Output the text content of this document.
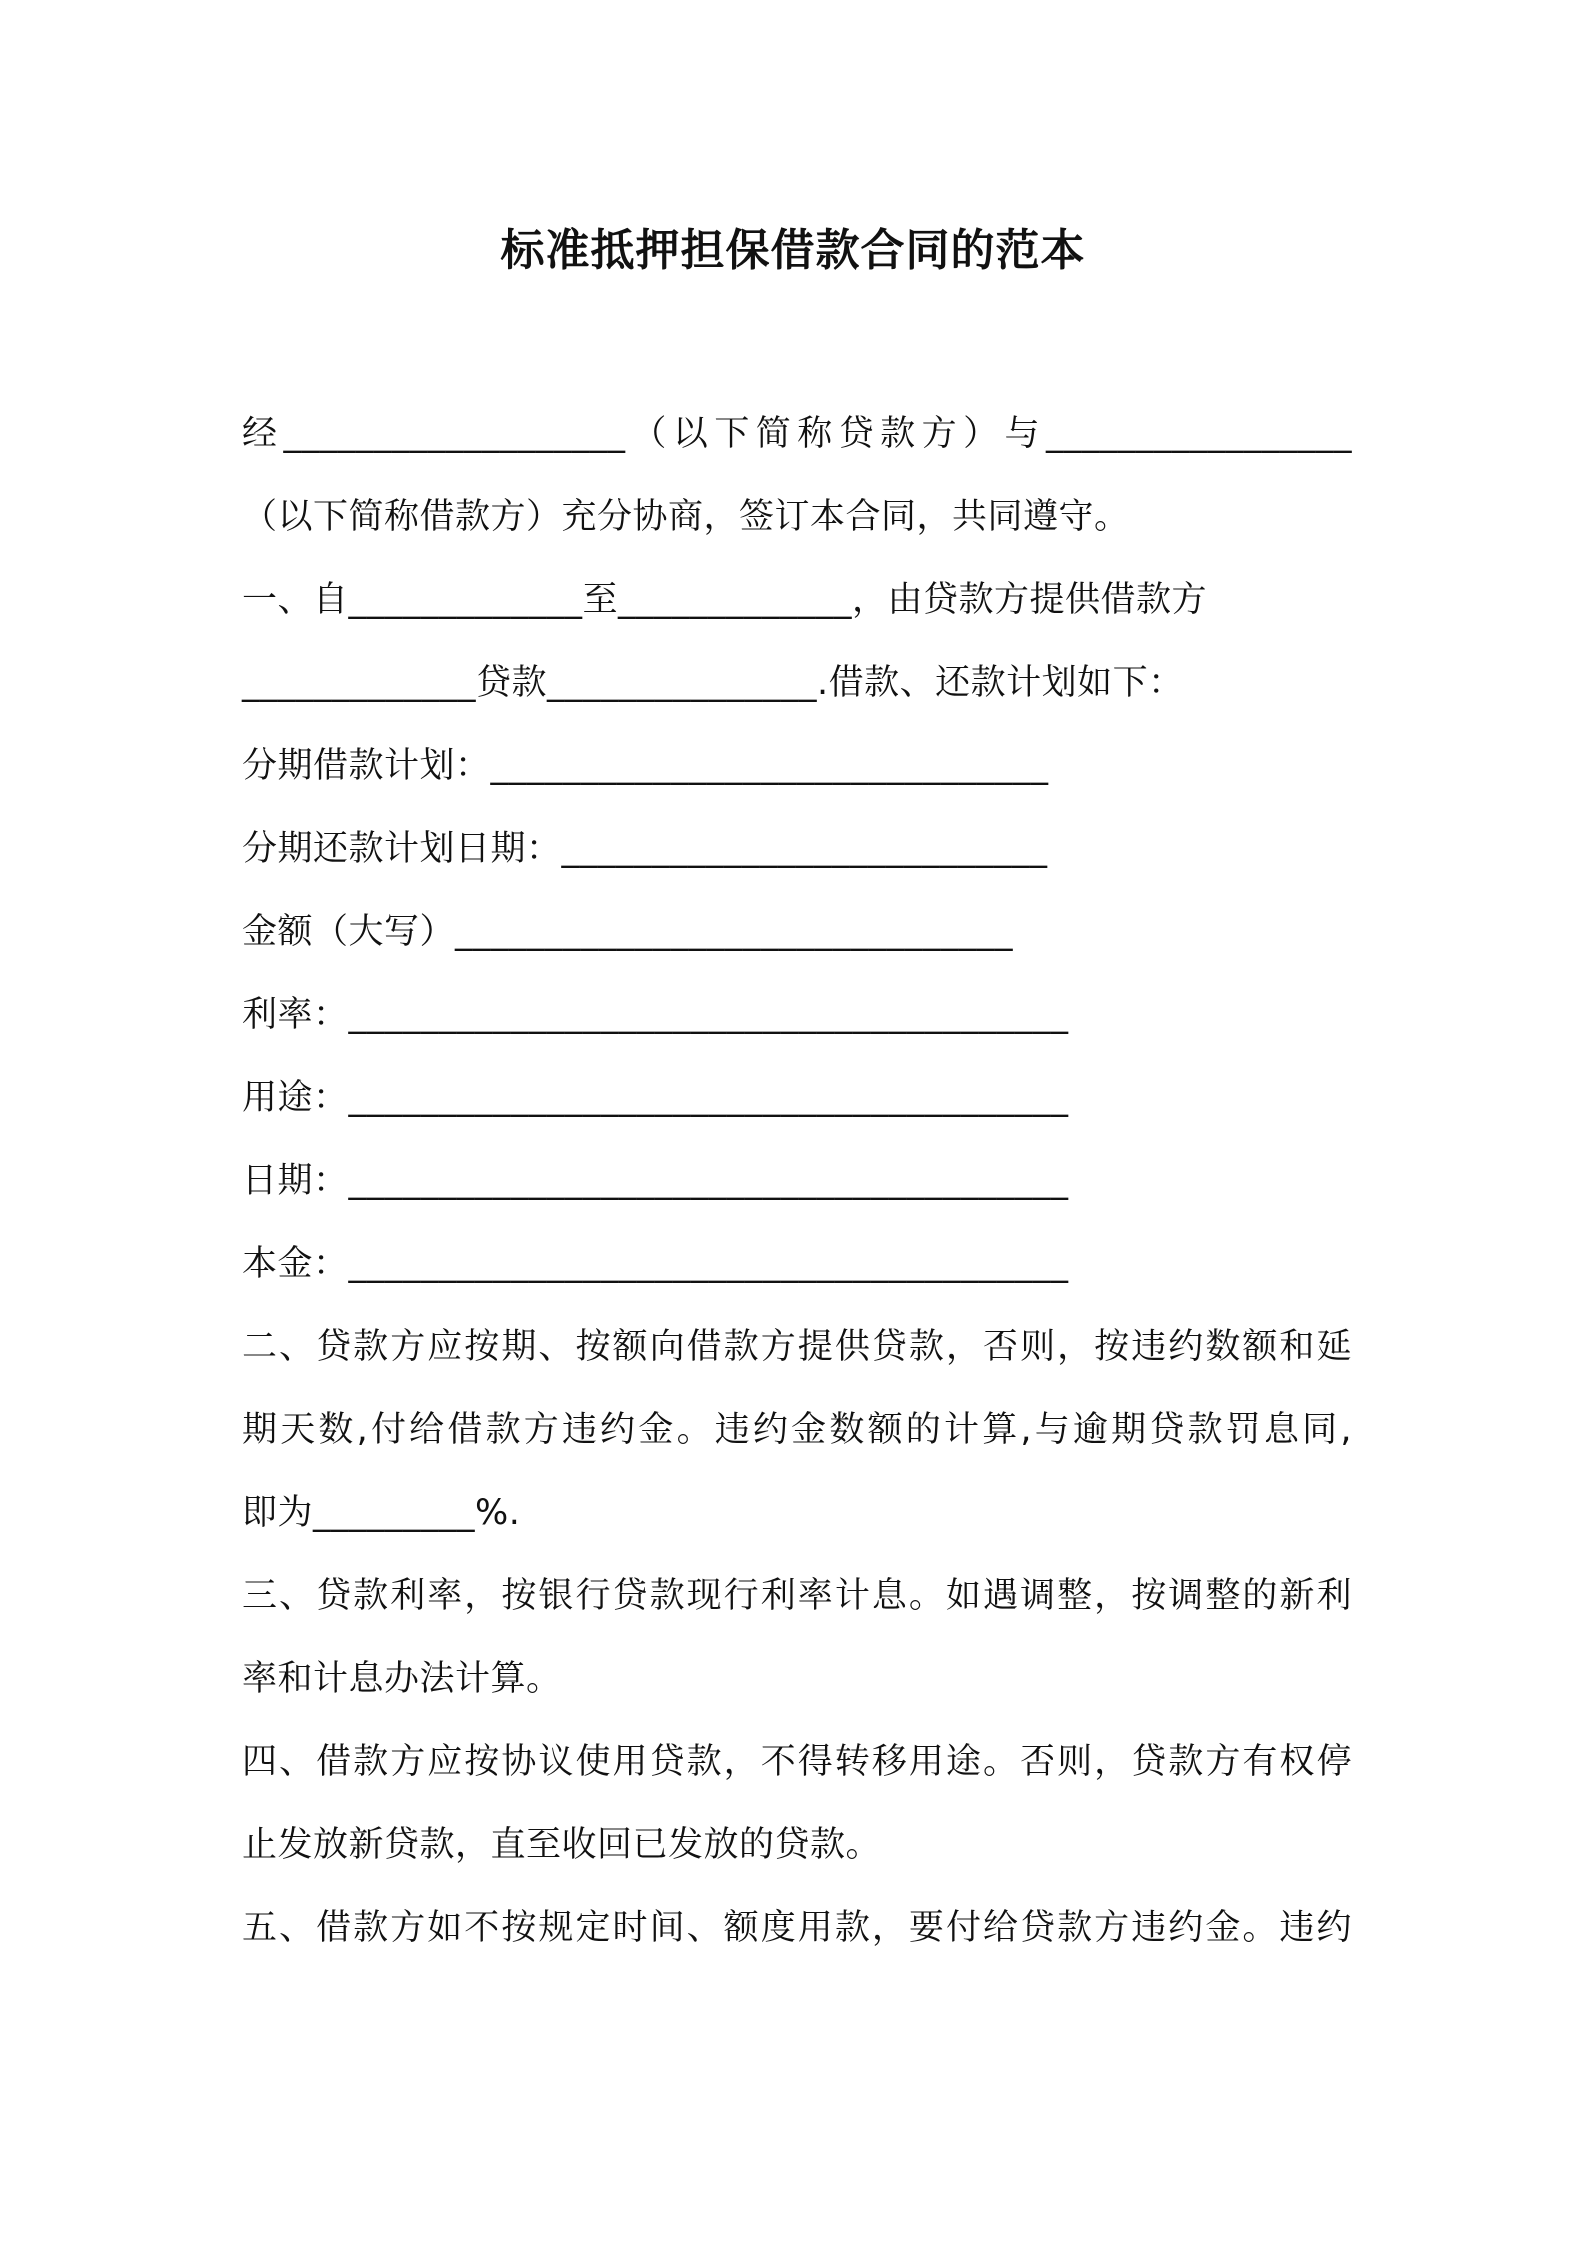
标准抵押担保借款合同的范本
经___________________（以下简称贷款方）与_________________
（以下简称借款方）充分协商，签订本合同，共同遵守。
一、自_____________至_____________，由贷款方提供借款方
_____________贷款_______________.借款、还款计划如下：
分期借款计划：_______________________________
分期还款计划日期：___________________________
金额（大写）_______________________________
利率：________________________________________
用途：________________________________________
日期：________________________________________
本金：________________________________________
二、贷款方应按期、按额向借款方提供贷款，否则，按违约数额和延
期天数,付给借款方违约金。违约金数额的计算,与逾期贷款罚息同,
即为_________%.
三、贷款利率，按银行贷款现行利率计息。如遇调整，按调整的新利
率和计息办法计算。
四、借款方应按协议使用贷款，不得转移用途。否则，贷款方有权停
止发放新贷款，直至收回已发放的贷款。
五、借款方如不按规定时间、额度用款，要付给贷款方违约金。违约
